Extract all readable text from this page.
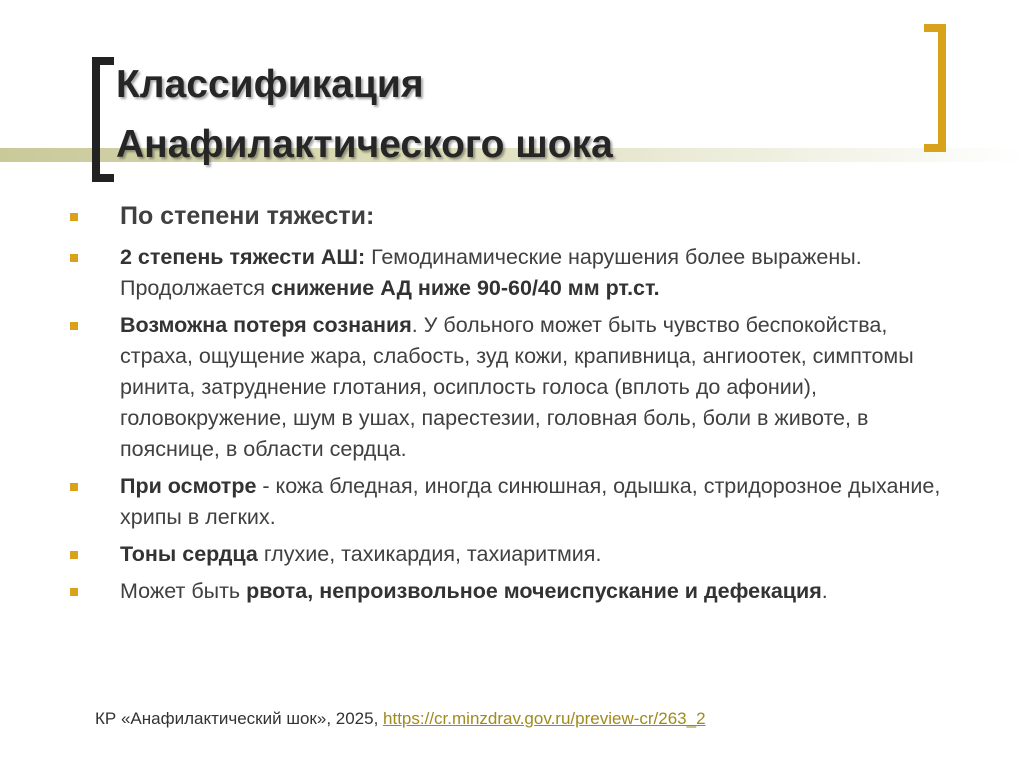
Классификация
Анафилактического шока
По степени тяжести:
2 степень тяжести АШ: Гемодинамические нарушения более выражены. Продолжается снижение АД ниже 90-60/40 мм рт.ст.
Возможна потеря сознания. У больного может быть чувство беспокойства, страха, ощущение жара, слабость, зуд кожи, крапивница, ангиоотек, симптомы ринита, затруднение глотания, осиплость голоса (вплоть до афонии), головокружение, шум в ушах, парестезии, головная боль, боли в животе, в пояснице, в области сердца.
При осмотре - кожа бледная, иногда синюшная, одышка, стридорозное дыхание, хрипы в легких.
Тоны сердца глухие, тахикардия, тахиаритмия.
Может быть рвота, непроизвольное мочеиспускание и дефекация.
КР «Анафилактический шок», 2025, https://cr.minzdrav.gov.ru/preview-cr/263_2
